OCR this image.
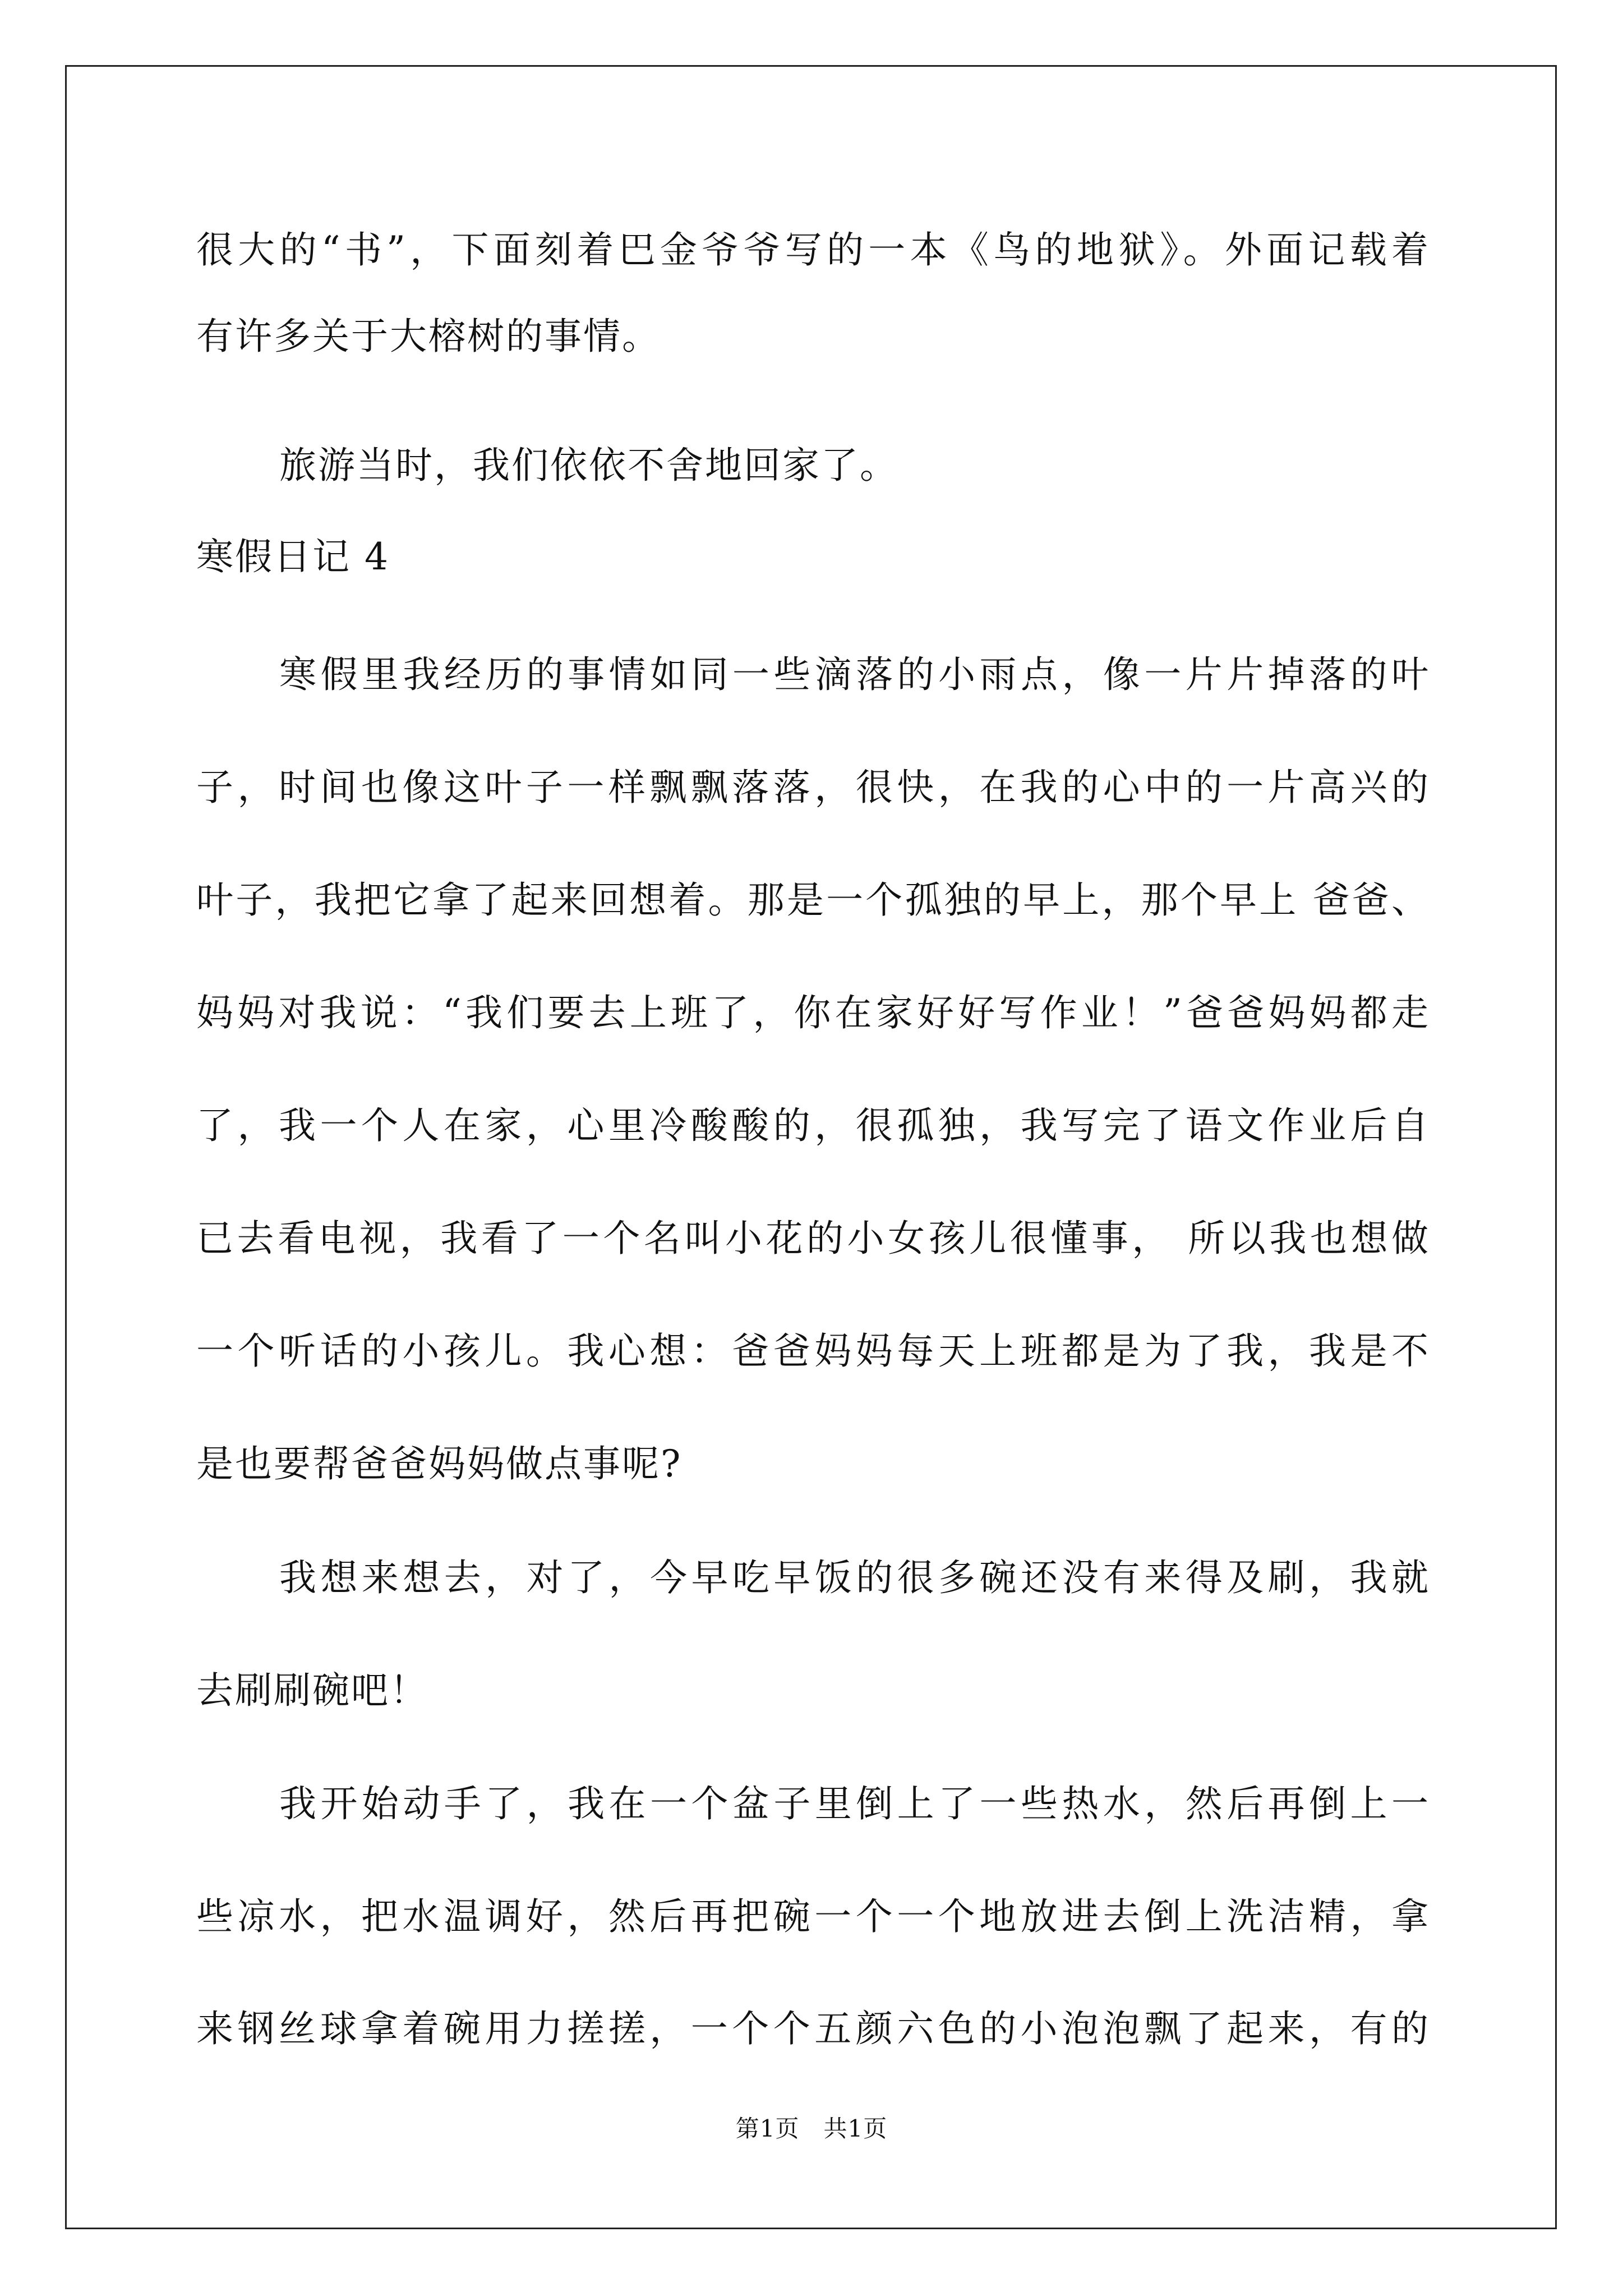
很大的“书”，下面刻着巴金爷爷写的一本《鸟的地狱》。外面记载着
有许多关于大榕树的事情。
旅游当时，我们依依不舍地回家了。
寒假日记 4
寒假里我经历的事情如同一些滴落的小雨点，像一片片掉落的叶
子，时间也像这叶子一样飘飘落落，很快，在我的心中的一片高兴的
叶子，我把它拿了起来回想着。那是一个孤独的早上，那个早上 爸爸、
妈妈对我说：“我们要去上班了，你在家好好写作业！”爸爸妈妈都走
了，我一个人在家，心里冷酸酸的，很孤独，我写完了语文作业后自
已去看电视，我看了一个名叫小花的小女孩儿很懂事， 所以我也想做
一个听话的小孩儿。我心想：爸爸妈妈每天上班都是为了我，我是不
是也要帮爸爸妈妈做点事呢?
我想来想去，对了，今早吃早饭的很多碗还没有来得及刷，我就
去刷刷碗吧！
我开始动手了，我在一个盆子里倒上了一些热水，然后再倒上一
些凉水，把水温调好，然后再把碗一个一个地放进去倒上洗洁精，拿
来钢丝球拿着碗用力搓搓，一个个五颜六色的小泡泡飘了起来，有的
第1页　共1页
